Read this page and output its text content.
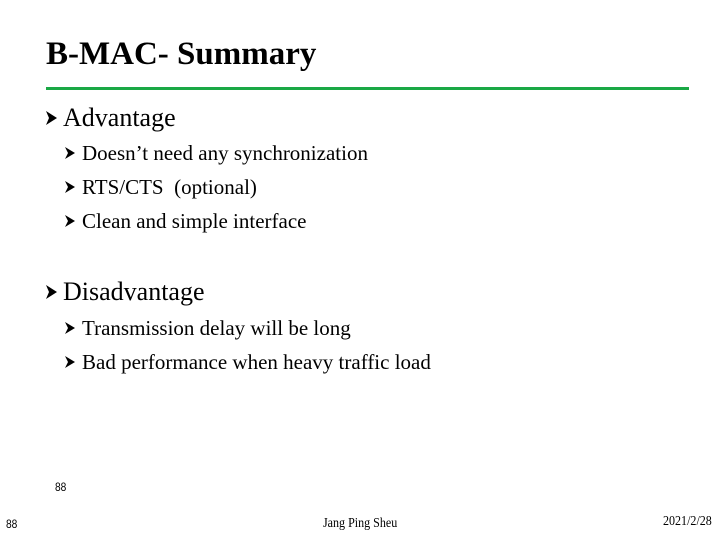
B-MAC- Summary
Advantage
Doesn’t need any synchronization
RTS/CTS  (optional)
Clean and simple interface
Disadvantage
Transmission delay will be long
Bad performance when heavy traffic load
88
88	Jang Ping Sheu	2021/2/28
